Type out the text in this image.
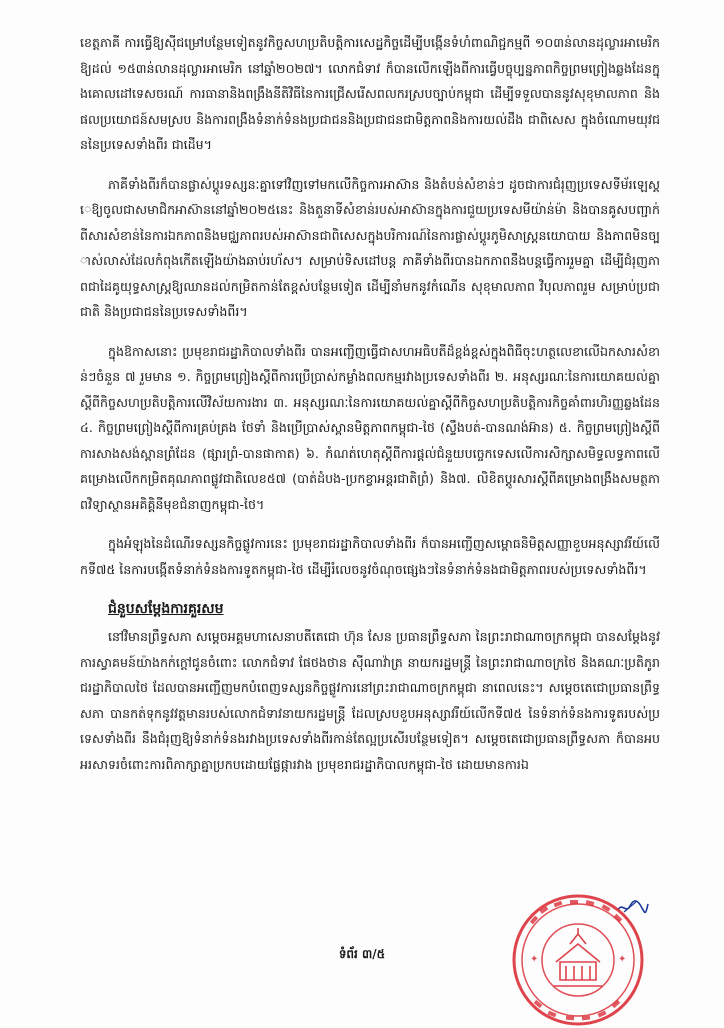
ខេត្តភាគី ការធ្វើឱ្យស៊ីជម្រៅបន្ថែមទៀតនូវកិច្ចសហប្រតិបត្តិការសេដ្ឋកិច្ចដើម្បីបង្កើនទំហំពាណិជ្ជកម្មពី ១០៣ន់លានដុល្លារអាមេរិក ឱ្យដល់ ១៥៣ន់លានដុល្លារអាមេរិក នៅឆ្នាំ២០២៧។ លោកជំទាវ ក៏បានលើកឡើងពីការធ្វើបច្ចុប្បន្នភាពកិច្ចព្រមព្រៀងឆ្លងដែនក្នុងគោលដៅទេសចរណ៍ ការធានានិងពង្រឹងនីតិវិធីនៃការជ្រើសរើសពលករស្របច្បាប់កម្ពុជា ដើម្បីទទួលបាននូវសុខុមាលភាព និងផលប្រយោជន៍សមស្រប និងការពង្រឹងទំនាក់ទំនងប្រជាជននិងប្រជាជនជាមិត្តភាពនិងការយល់ដឹង ជាពិសេស ក្នុងចំណោមយុវជននៃប្រទេសទាំងពីរ ជាដើម។

ភាគីទាំងពីរក៏បានផ្លាស់ប្តូរទស្សនៈគ្នាទៅវិញទៅមកលើកិច្ចការអាស៊ាន និងតំបន់សំខាន់ៗ ដូចជាការជំរុញប្រទេសទីម័រឡេស្តេឱ្យចូលជាសមាជិកអាស៊ាននៅឆ្នាំ២០២៥នេះ និងតួនាទីសំខាន់របស់អាស៊ានក្នុងការជួយប្រទេសមីយ៉ាន់ម៉ា និងបានគូសបញ្ជាក់ពីសារសំខាន់នៃការឯកភាពនិងមជ្ឈភាពរបស់អាស៊ានជាពិសេសក្នុងបរិការណ៍នៃការផ្លាស់ប្តូរភូមិសាស្ត្រនយោបាយ និងភាពមិនច្បាស់លាស់ដែលកំពុងកើតឡើងយ៉ាងឆាប់រហ័ស។ សម្រាប់ទិសដៅបន្ត ភាគីទាំងពីរបានឯកភាពនឹងបន្តធ្វើការរួមគ្នា ដើម្បីជំរុញភាពជាដៃគូយុទ្ធសាស្ត្រឱ្យឈានដល់កម្រិតកាន់តែខ្ពស់បន្ថែមទៀត ដើម្បីនាំមកនូវកំណើន សុខុមាលភាព វិបុលភាពរួម សម្រាប់ប្រជាជាតិ និងប្រជាជននៃប្រទេសទាំងពីរ។

ក្នុងឱកាសនោះ ប្រមុខរាជរដ្ឋាភិបាលទាំងពីរ បានអញ្ជើញធ្វើជាសហអធិបតីដ៏ខ្ពង់ខ្ពស់ក្នុងពិធីចុះហត្ថលេខាលើឯកសារសំខាន់ៗចំនួន ៧ រួមមាន ១. កិច្ចព្រមព្រៀងស្តីពីការប្រើប្រាស់កម្លាំងពលកម្មរវាងប្រទេសទាំងពីរ ២. អនុស្សរណៈនៃការយោគយល់គ្នាស្តីពីកិច្ចសហប្រតិបត្តិការលើវិស័យការងារ ៣. អនុស្សរណៈនៃការយោគយល់គ្នាស្តីពីកិច្ចសហប្រតិបត្តិការកិច្ចគាំពារហិរញ្ញឆ្លងដែន ៤. កិច្ចព្រមព្រៀងស្តីពីការគ្រប់គ្រង ថែទាំ និងប្រើប្រាស់ស្ពានមិត្តភាពកម្ពុជា-ថៃ (ស្ទឹងបត់-បានណង់អ៊ាន) ៥. កិច្ចព្រមព្រៀងស្តីពីការសាងសង់ស្ពានព្រំដែន (ផ្សារព្រំ-បានផាកាត) ៦. កំណត់ហេតុស្តីពីការផ្តល់ជំនួយបច្ចេកទេសលើការសិក្សាសមិទ្ធលទ្ធភាពលើគម្រោងលើកកម្រិតគុណភាពផ្លូវជាតិលេខ៥៧ (បាត់ដំបង-ប្រកខ្វាអន្តរជាតិព្រំ) និង៧. លិខិតប្តូរសារស្តីពីគម្រោងពង្រឹងសមត្ថភាពវិទ្យាស្ថានអគិគ្គិនីមុខជំនាញកម្ពុជា-ថៃ។

ក្នុងអំឡុងនៃដំណើរទស្សនកិច្ចផ្លូវការនេះ ប្រមុខរាជរដ្ឋាភិបាលទាំងពីរ ក៏បានអញ្ជើញសម្ពោធនិមិត្តសញ្ញាខួបអនុស្សាវរីយ៍លើកទី៧៥ នៃការបង្កើតទំនាក់ទំនងការទូតកម្ពុជា-ថៃ ដើម្បីរំលេចនូវចំណុចផ្សេងៗនៃទំនាក់ទំនងជាមិត្តភាពរបស់ប្រទេសទាំងពីរ។

ជំនួបសម្ដែងការគួរសម

នៅវិមានព្រឹទ្ធសភា សម្ដេចអគ្គមហាសេនាបតីតេជោ ហ៊ុន សែន ប្រធានព្រឹទ្ធសភា នៃព្រះរាជាណាចក្រកម្ពុជា បានសម្ដែងនូវការស្វាគមន៍យ៉ាងកក់ក្ដៅជូនចំពោះ លោកជំទាវ ផែថងថាន ស៊ីណាវ៉ាត្រ នាយករដ្ឋមន្ត្រី នៃព្រះរាជាណាចក្រថៃ និងគណៈប្រតិភូរាជរដ្ឋាភិបាលថៃ ដែលបានអញ្ជើញមកបំពេញទស្សនកិច្ចផ្លូវការនៅព្រះរាជាណាចក្រកម្ពុជា នាពេលនេះ។ សម្ដេចតេជោប្រធានព្រឹទ្ធសភា បានកត់ទុកនូវវត្តមានរបស់លោកជំទាវនាយករដ្ឋមន្ត្រី ដែលស្របខួបអនុស្សាវរីយ៍លើកទី៧៥ នៃទំនាក់ទំនងការទូតរបស់ប្រទេសទាំងពីរ នឹងជំរុញឱ្យទំនាក់ទំនងរវាងប្រទេសទាំងពីរកាន់តែល្អប្រសើរបន្ថែមទៀត។ សម្ដេចតេជោប្រធានព្រឹទ្ធសភា ក៏បានអបអរសាទរចំពោះការពិភាក្សាគ្នាប្រកបដោយផ្លែផ្ការវាង ប្រមុខរាជរដ្ឋាភិបាលកម្ពុជា-ថៃ ដោយមានការឯ

✦	✦
ទំព័រ ៣/៥
